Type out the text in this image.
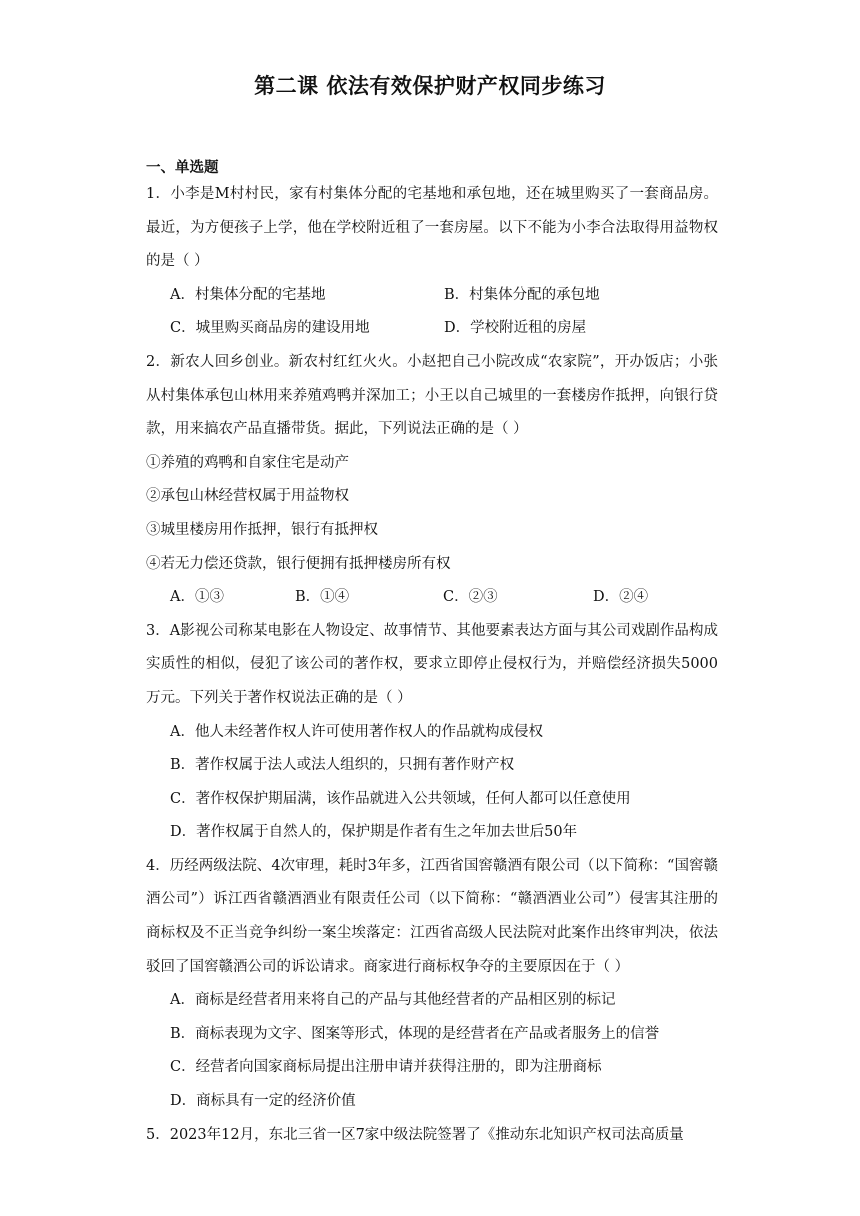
第二课 依法有效保护财产权同步练习
一、单选题

1．小李是M村村民，家有村集体分配的宅基地和承包地，还在城里购买了一套商品房。最近，为方便孩子上学，他在学校附近租了一套房屋。以下不能为小李合法取得用益物权的是（ ）

A．村集体分配的宅基地	B．村集体分配的承包地
C．城里购买商品房的建设用地	D．学校附近租的房屋

2．新农人回乡创业。新农村红红火火。小赵把自己小院改成“农家院”，开办饭店；小张从村集体承包山林用来养殖鸡鸭并深加工；小王以自己城里的一套楼房作抵押，向银行贷款，用来搞农产品直播带货。据此，下列说法正确的是（ ）

①养殖的鸡鸭和自家住宅是动产

②承包山林经营权属于用益物权

③城里楼房用作抵押，银行有抵押权

④若无力偿还贷款，银行便拥有抵押楼房所有权

A．①③	B．①④	C．②③	D．②④

3．A影视公司称某电影在人物设定、故事情节、其他要素表达方面与其公司戏剧作品构成实质性的相似，侵犯了该公司的著作权，要求立即停止侵权行为，并赔偿经济损失5000万元。下列关于著作权说法正确的是（ ）

A．他人未经著作权人许可使用著作权人的作品就构成侵权
B．著作权属于法人或法人组织的，只拥有著作财产权
C．著作权保护期届满，该作品就进入公共领域，任何人都可以任意使用
D．著作权属于自然人的，保护期是作者有生之年加去世后50年

4．历经两级法院、4次审理，耗时3年多，江西省国窖赣酒有限公司（以下简称：“国窖赣酒公司”）诉江西省赣酒酒业有限责任公司（以下简称：“赣酒酒业公司”）侵害其注册的商标权及不正当竞争纠纷一案尘埃落定：江西省高级人民法院对此案作出终审判决，依法驳回了国窖赣酒公司的诉讼请求。商家进行商标权争夺的主要原因在于（ ）

A．商标是经营者用来将自己的产品与其他经营者的产品相区别的标记
B．商标表现为文字、图案等形式，体现的是经营者在产品或者服务上的信誉
C．经营者向国家商标局提出注册申请并获得注册的，即为注册商标
D．商标具有一定的经济价值

5．2023年12月，东北三省一区7家中级法院签署了《推动东北知识产权司法高质量
